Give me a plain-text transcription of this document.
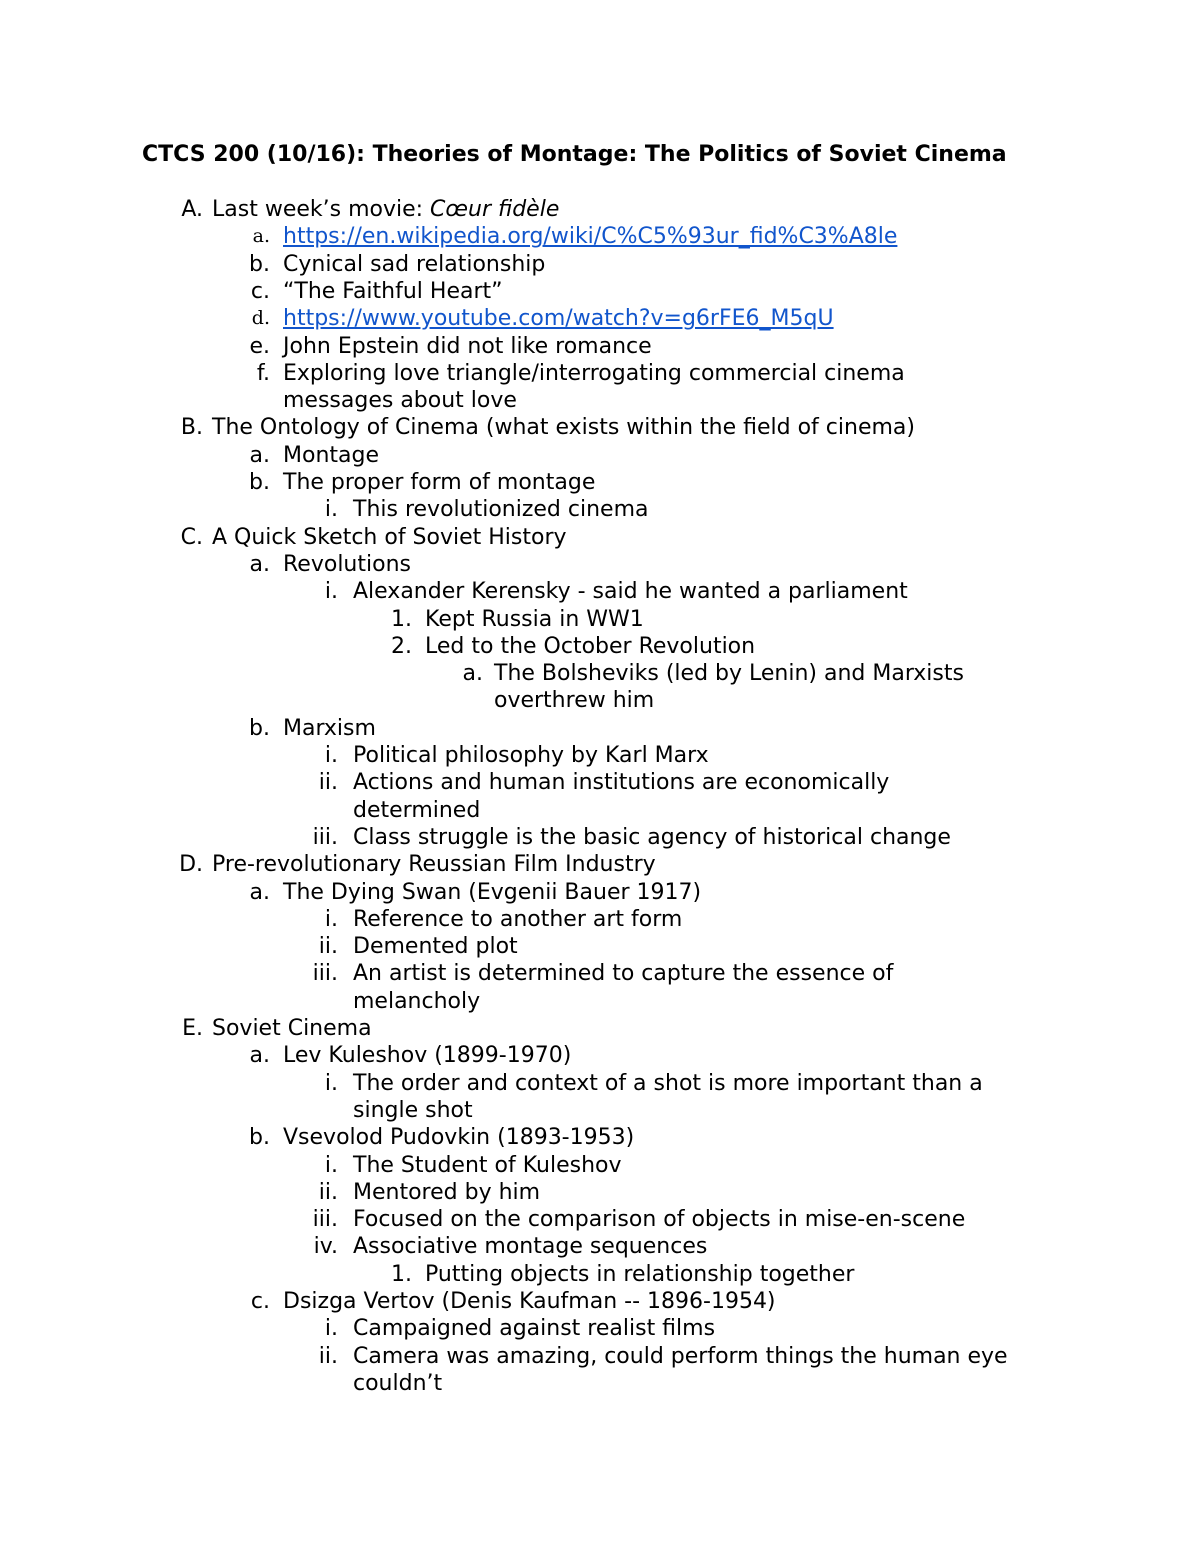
CTCS 200 (10/16): Theories of Montage: The Politics of Soviet Cinema
A. Last week’s movie: Cœur fidèle
a. https://en.wikipedia.org/wiki/C%C5%93ur_fid%C3%A8le
b. Cynical sad relationship
c. “The Faithful Heart”
d. https://www.youtube.com/watch?v=g6rFE6_M5qU
e. John Epstein did not like romance
f. Exploring love triangle/interrogating commercial cinema
messages about love
B. The Ontology of Cinema (what exists within the field of cinema)
a. Montage
b. The proper form of montage
i. This revolutionized cinema
C. A Quick Sketch of Soviet History
a. Revolutions
i. Alexander Kerensky - said he wanted a parliament
1. Kept Russia in WW1
2. Led to the October Revolution
a. The Bolsheviks (led by Lenin) and Marxists
overthrew him
b. Marxism
i. Political philosophy by Karl Marx
ii. Actions and human institutions are economically
determined
iii. Class struggle is the basic agency of historical change
D. Pre-revolutionary Reussian Film Industry
a. The Dying Swan (Evgenii Bauer 1917)
i. Reference to another art form
ii. Demented plot
iii. An artist is determined to capture the essence of
melancholy
E. Soviet Cinema
a. Lev Kuleshov (1899-1970)
i. The order and context of a shot is more important than a
single shot
b. Vsevolod Pudovkin (1893-1953)
i. The Student of Kuleshov
ii. Mentored by him
iii. Focused on the comparison of objects in mise-en-scene
iv. Associative montage sequences
1. Putting objects in relationship together
c. Dsizga Vertov (Denis Kaufman -- 1896-1954)
i. Campaigned against realist films
ii. Camera was amazing, could perform things the human eye
couldn’t
